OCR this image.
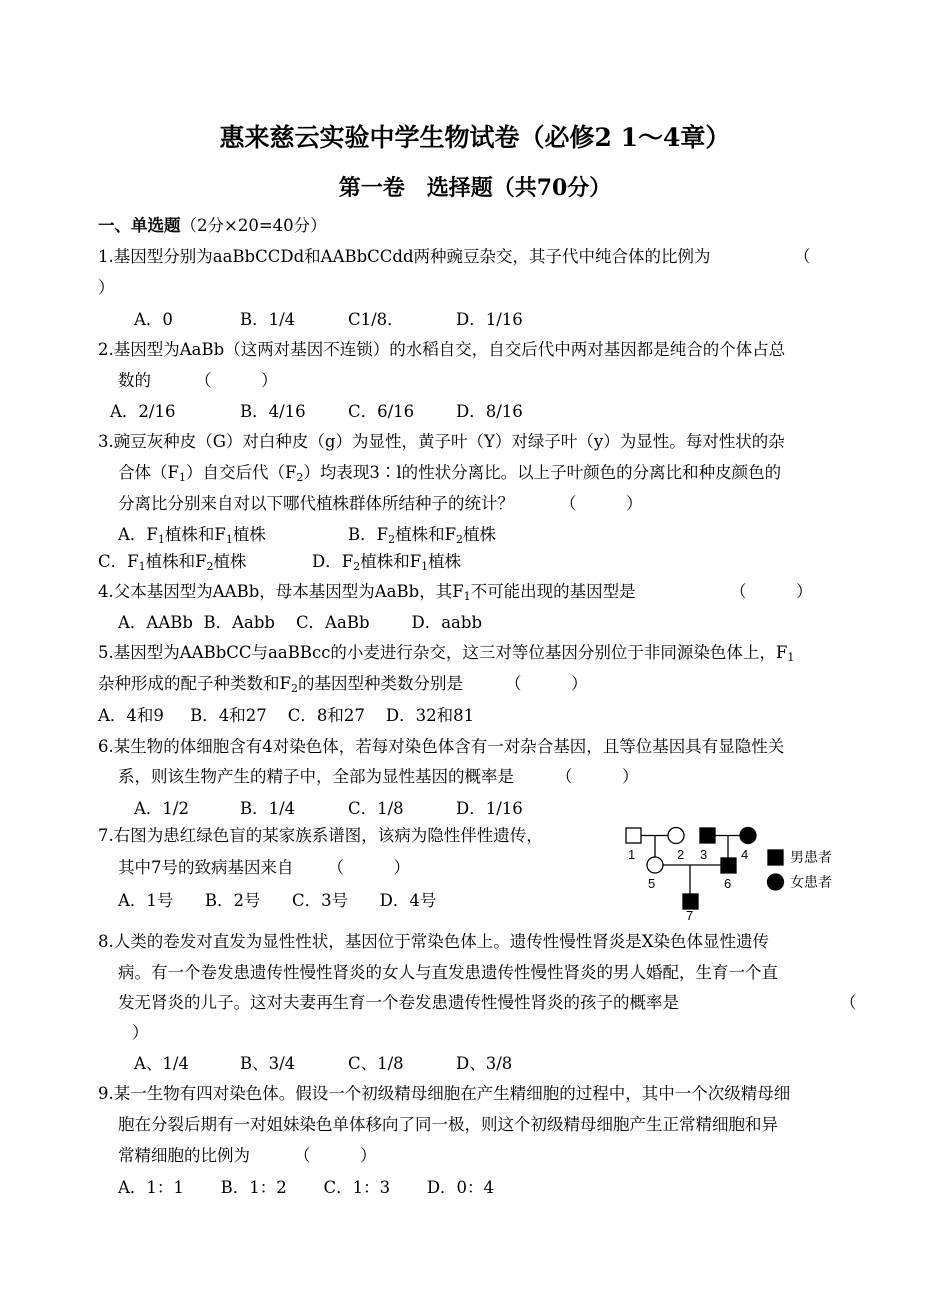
惠来慈云实验中学生物试卷（必修2 1～4章）
第一卷　选择题（共70分）
一、单选题（2分×20=40分）
1.基因型分别为aaBbCCDd和AABbCCdd两种豌豆杂交，其子代中纯合体的比例为	（
）
A．0	B．1/4	C1/8．	D．1/16
2.基因型为AaBb（这两对基因不连锁）的水稻自交，自交后代中两对基因都是纯合的个体占总
数的	（　　　）
A．2/16	B．4/16	C．6/16	D．8/16
3.豌豆灰种皮（G）对白种皮（g）为显性，黄子叶（Y）对绿子叶（y）为显性。每对性状的杂
合体$(F_1)$自交后代$(F_2)$均表现3∶l的性状分离比。以上子叶颜色的分离比和种皮颜色的
分离比分别来自对以下哪代植株群体所结种子的统计？	（　　　）
A．$F_1$植株和$F_1$植株	B．$F_2$植株和$F_2$植株
C．$F_1$植株和$F_2$植株	D．$F_2$植株和$F_1$植株
4.父本基因型为AABb，母本基因型为AaBb，其$F_1$不可能出现的基因型是	（　　　）
A．AABb B．Aabb C．AaBb	D．aabb
5.基因型为AABbCC与aaBBcc的小麦进行杂交，这三对等位基因分别位于非同源染色体上，$F_1$
杂种形成的配子种类数和$F_2$的基因型种类数分别是	（　　　）
A．4和9 B．4和27 C．8和27 D．32和81
6.某生物的体细胞含有4对染色体，若每对染色体含有一对杂合基因，且等位基因具有显隐性关
系，则该生物产生的精子中，全部为显性基因的概率是	（　　　）
A．1/2	B．1/4	C．1/8	D．1/16
7.右图为患红绿色盲的某家族系谱图，该病为隐性伴性遗传，
其中7号的致病基因来自 （　　　）
A．1号 B．2号 C．3号 D．4号
1	2 3	4
5	6
7
男患者
女患者
8.人类的卷发对直发为显性性状，基因位于常染色体上。遗传性慢性肾炎是X染色体显性遗传
病。有一个卷发患遗传性慢性肾炎的女人与直发患遗传性慢性肾炎的男人婚配，生育一个直
发无肾炎的儿子。这对夫妻再生育一个卷发患遗传性慢性肾炎的孩子的概率是	（
）
A、1/4	B、3/4	C、1/8	D、3/8
9.某一生物有四对染色体。假设一个初级精母细胞在产生精细胞的过程中，其中一个次级精母细
胞在分裂后期有一对姐妹染色单体移向了同一极，则这个初级精母细胞产生正常精细胞和异
常精细胞的比例为	（　　　）
A．1：1 B．1：2 C．1：3 D．0：4
